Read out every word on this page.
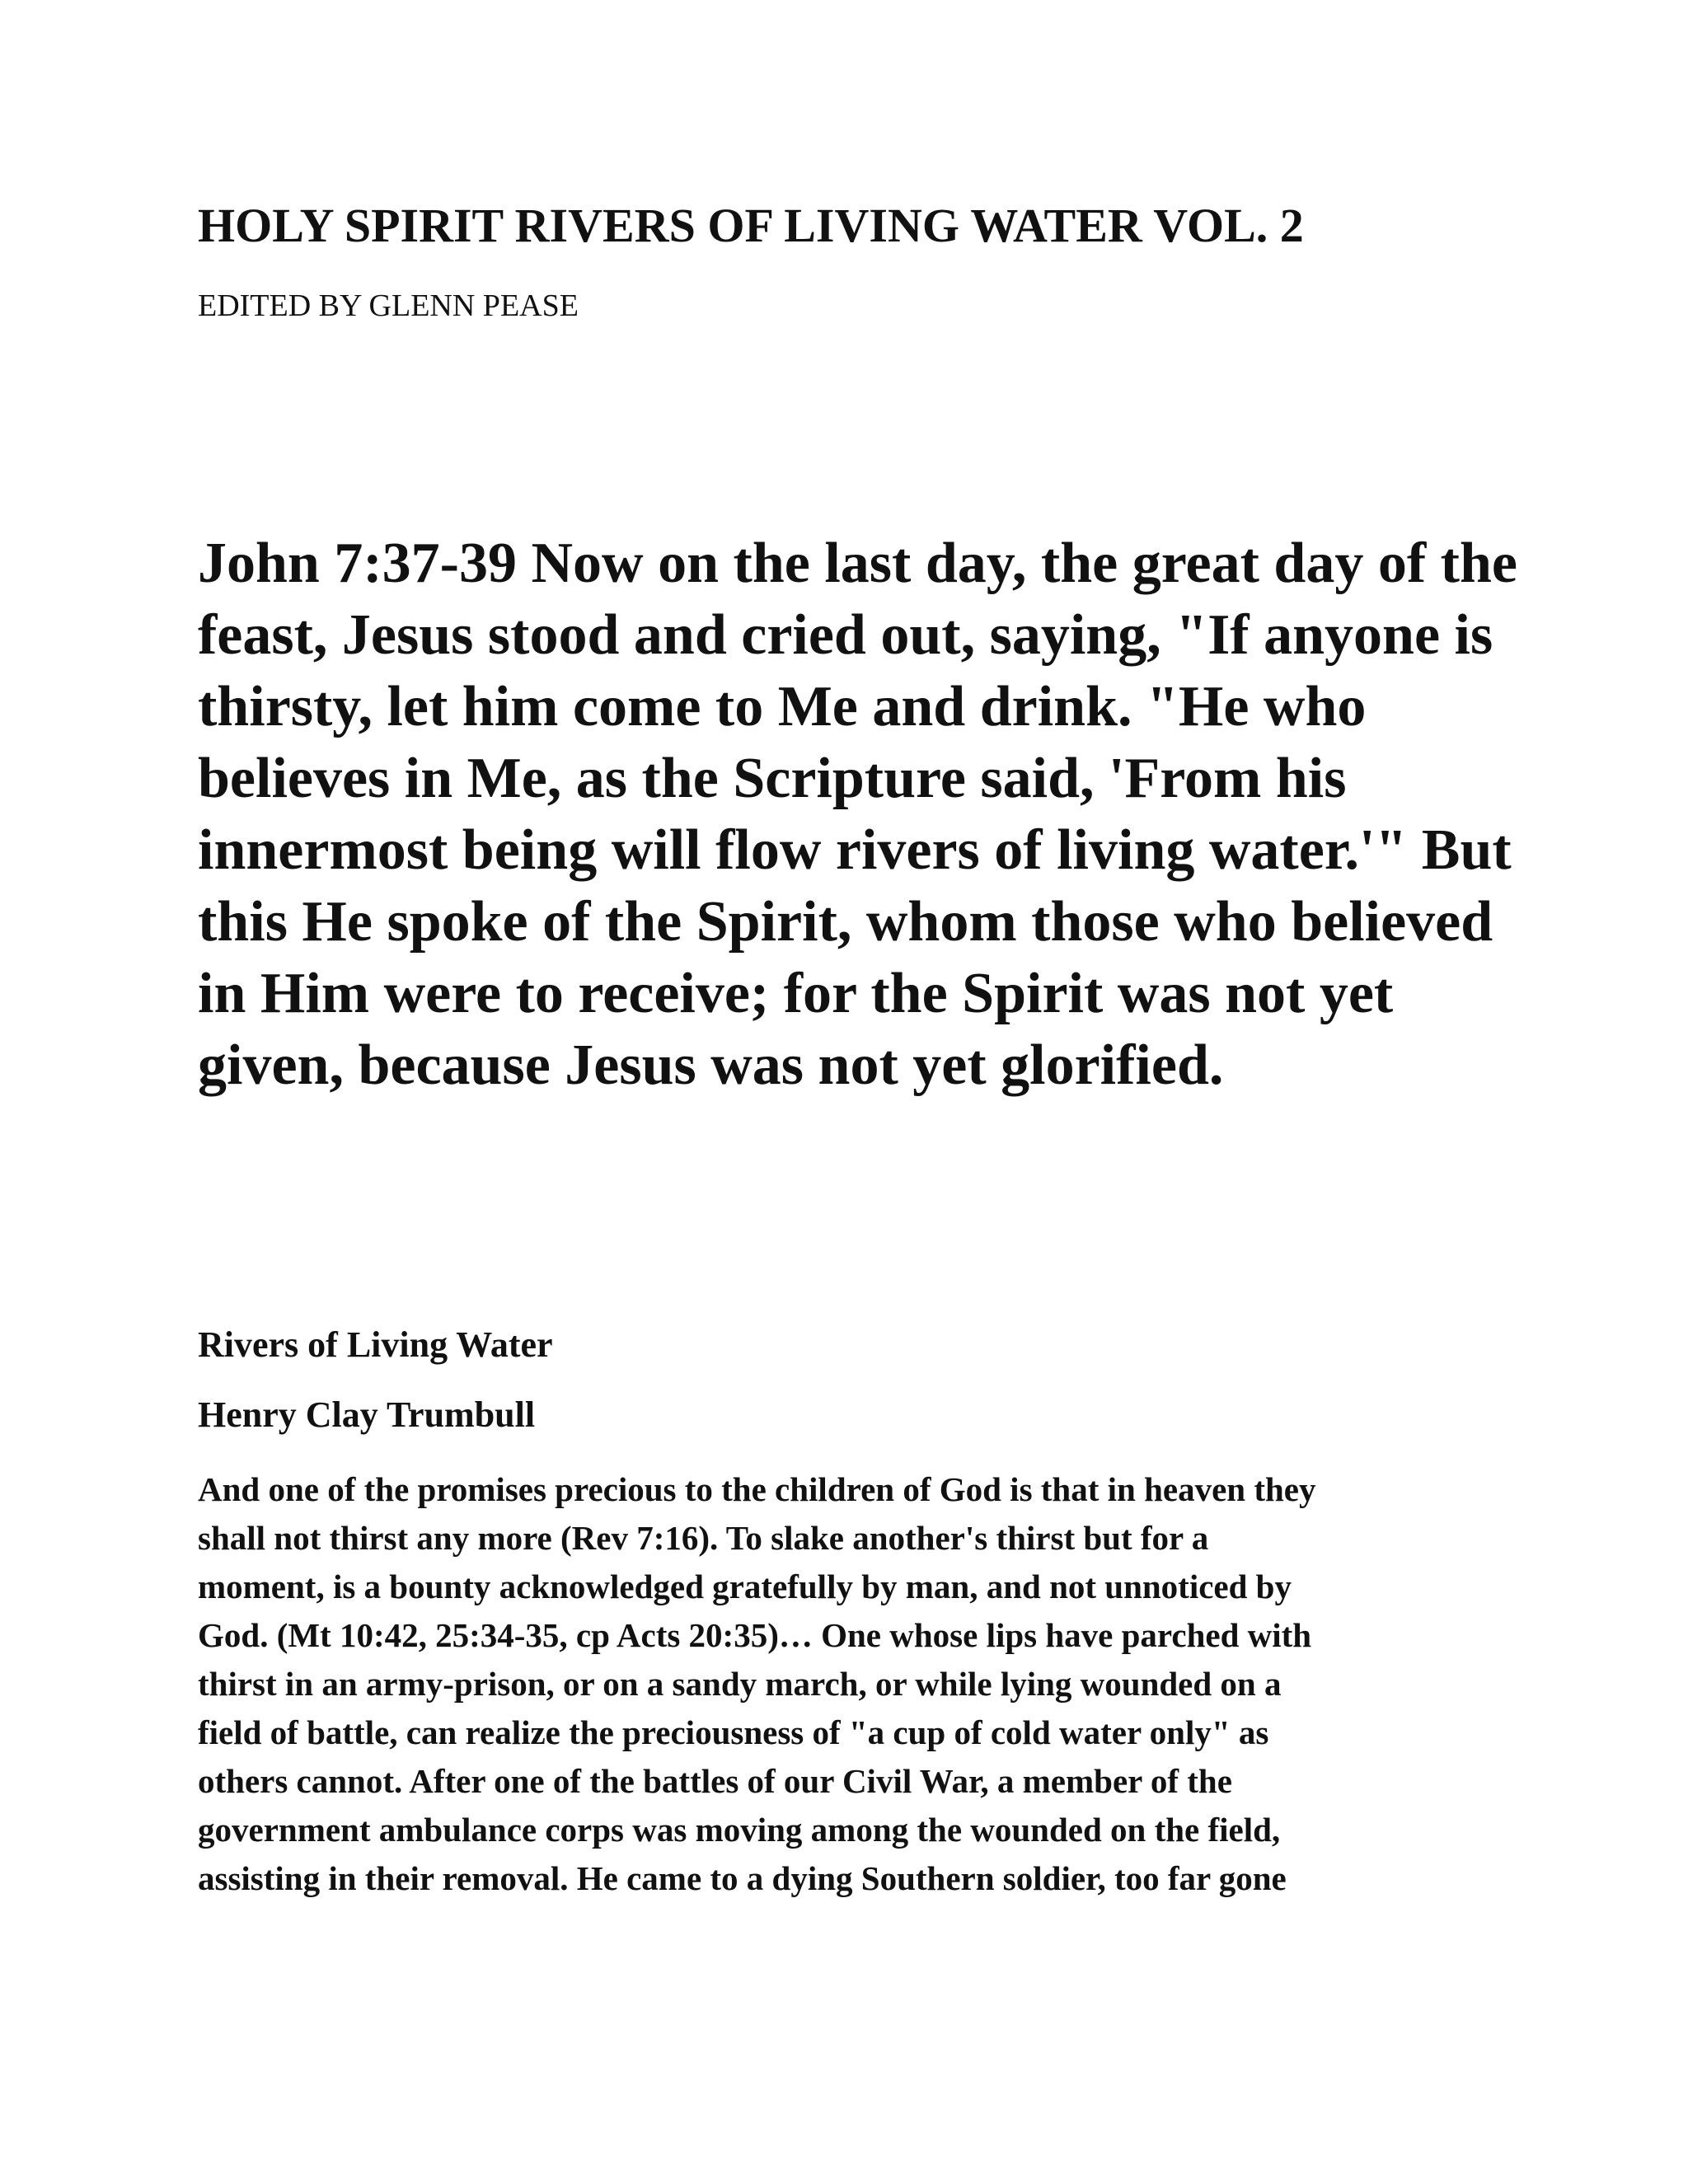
HOLY SPIRIT RIVERS OF LIVING WATER VOL. 2
EDITED BY GLENN PEASE

John 7:37-39 Now on the last day, the great day of the
feast, Jesus stood and cried out, saying, "If anyone is
thirsty, let him come to Me and drink. "He who
believes in Me, as the Scripture said, 'From his
innermost being will flow rivers of living water.'" But
this He spoke of the Spirit, whom those who believed
in Him were to receive; for the Spirit was not yet
given, because Jesus was not yet glorified.

Rivers of Living Water
Henry Clay Trumbull

And one of the promises precious to the children of God is that in heaven they
shall not thirst any more (Rev 7:16). To slake another's thirst but for a
moment, is a bounty acknowledged gratefully by man, and not unnoticed by
God. (Mt 10:42, 25:34-35, cp Acts 20:35)… One whose lips have parched with
thirst in an army-prison, or on a sandy march, or while lying wounded on a
field of battle, can realize the preciousness of "a cup of cold water only" as
others cannot. After one of the battles of our Civil War, a member of the
government ambulance corps was moving among the wounded on the field,
assisting in their removal. He came to a dying Southern soldier, too far gone
